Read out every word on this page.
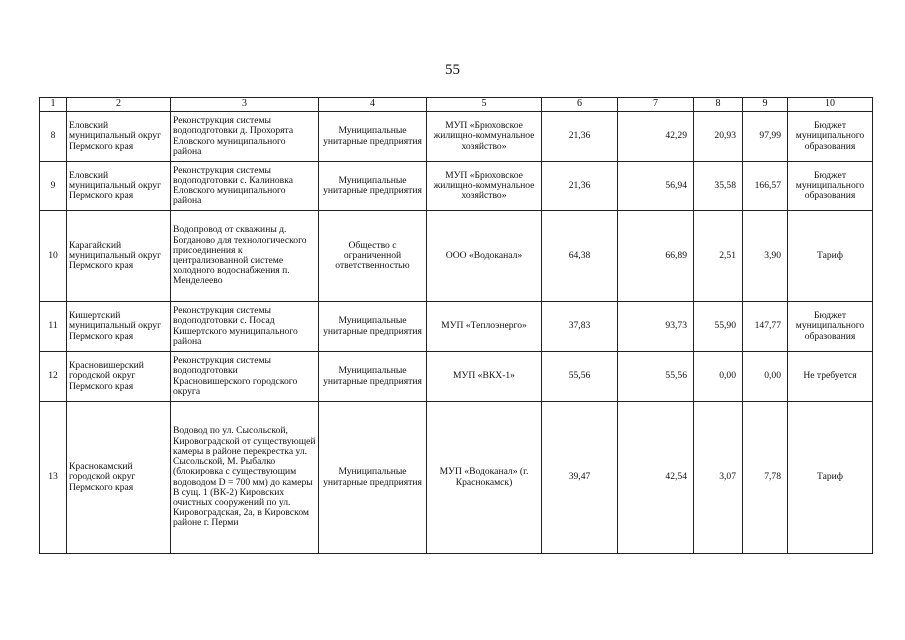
55
1	2	3	4	5	6	7	8	9	10
8	Еловский муниципальный округ Пермского края	Реконструкция системы водоподготовки д. Прохорята Еловского муниципального района	Муниципальные унитарные предприятия	МУП «Брюховское жилищно-коммунальное хозяйство»	21,36	42,29	20,93	97,99	Бюджет муниципального образования
9	Еловский муниципальный округ Пермского края	Реконструкция системы водоподготовки с. Калиновка Еловского муниципального района	Муниципальные унитарные предприятия	МУП «Брюховское жилищно-коммунальное хозяйство»	21,36	56,94	35,58	166,57	Бюджет муниципального образования
10	Карагайский муниципальный округ Пермского края	Водопровод от скважины д. Богданово для технологического присоединения к централизованной системе холодного водоснабжения п. Менделеево	Общество с ограниченной ответственностью	ООО «Водоканал»	64,38	66,89	2,51	3,90	Тариф
11	Кишертский муниципальный округ Пермского края	Реконструкция системы водоподготовки с. Посад Кишертского муниципального района	Муниципальные унитарные предприятия	МУП «Теплоэнерго»	37,83	93,73	55,90	147,77	Бюджет муниципального образования
12	Красновишерский городской округ Пермского края	Реконструкция системы водоподготовки Красновишерского городского округа	Муниципальные унитарные предприятия	МУП «ВКХ-1»	55,56	55,56	0,00	0,00	Не требуется
13	Краснокамский городской округ Пермского края	Водовод по ул. Сысольской, Кировоградской от существующей камеры в районе перекрестка ул. Сысольской, М. Рыбалко (блокировка с существующим водоводом D = 700 мм) до камеры В сущ. 1 (ВК-2) Кировских очистных сооружений по ул. Кировоградская, 2а, в Кировском районе г. Перми	Муниципальные унитарные предприятия	МУП «Водоканал» (г. Краснокамск)	39,47	42,54	3,07	7,78	Тариф
